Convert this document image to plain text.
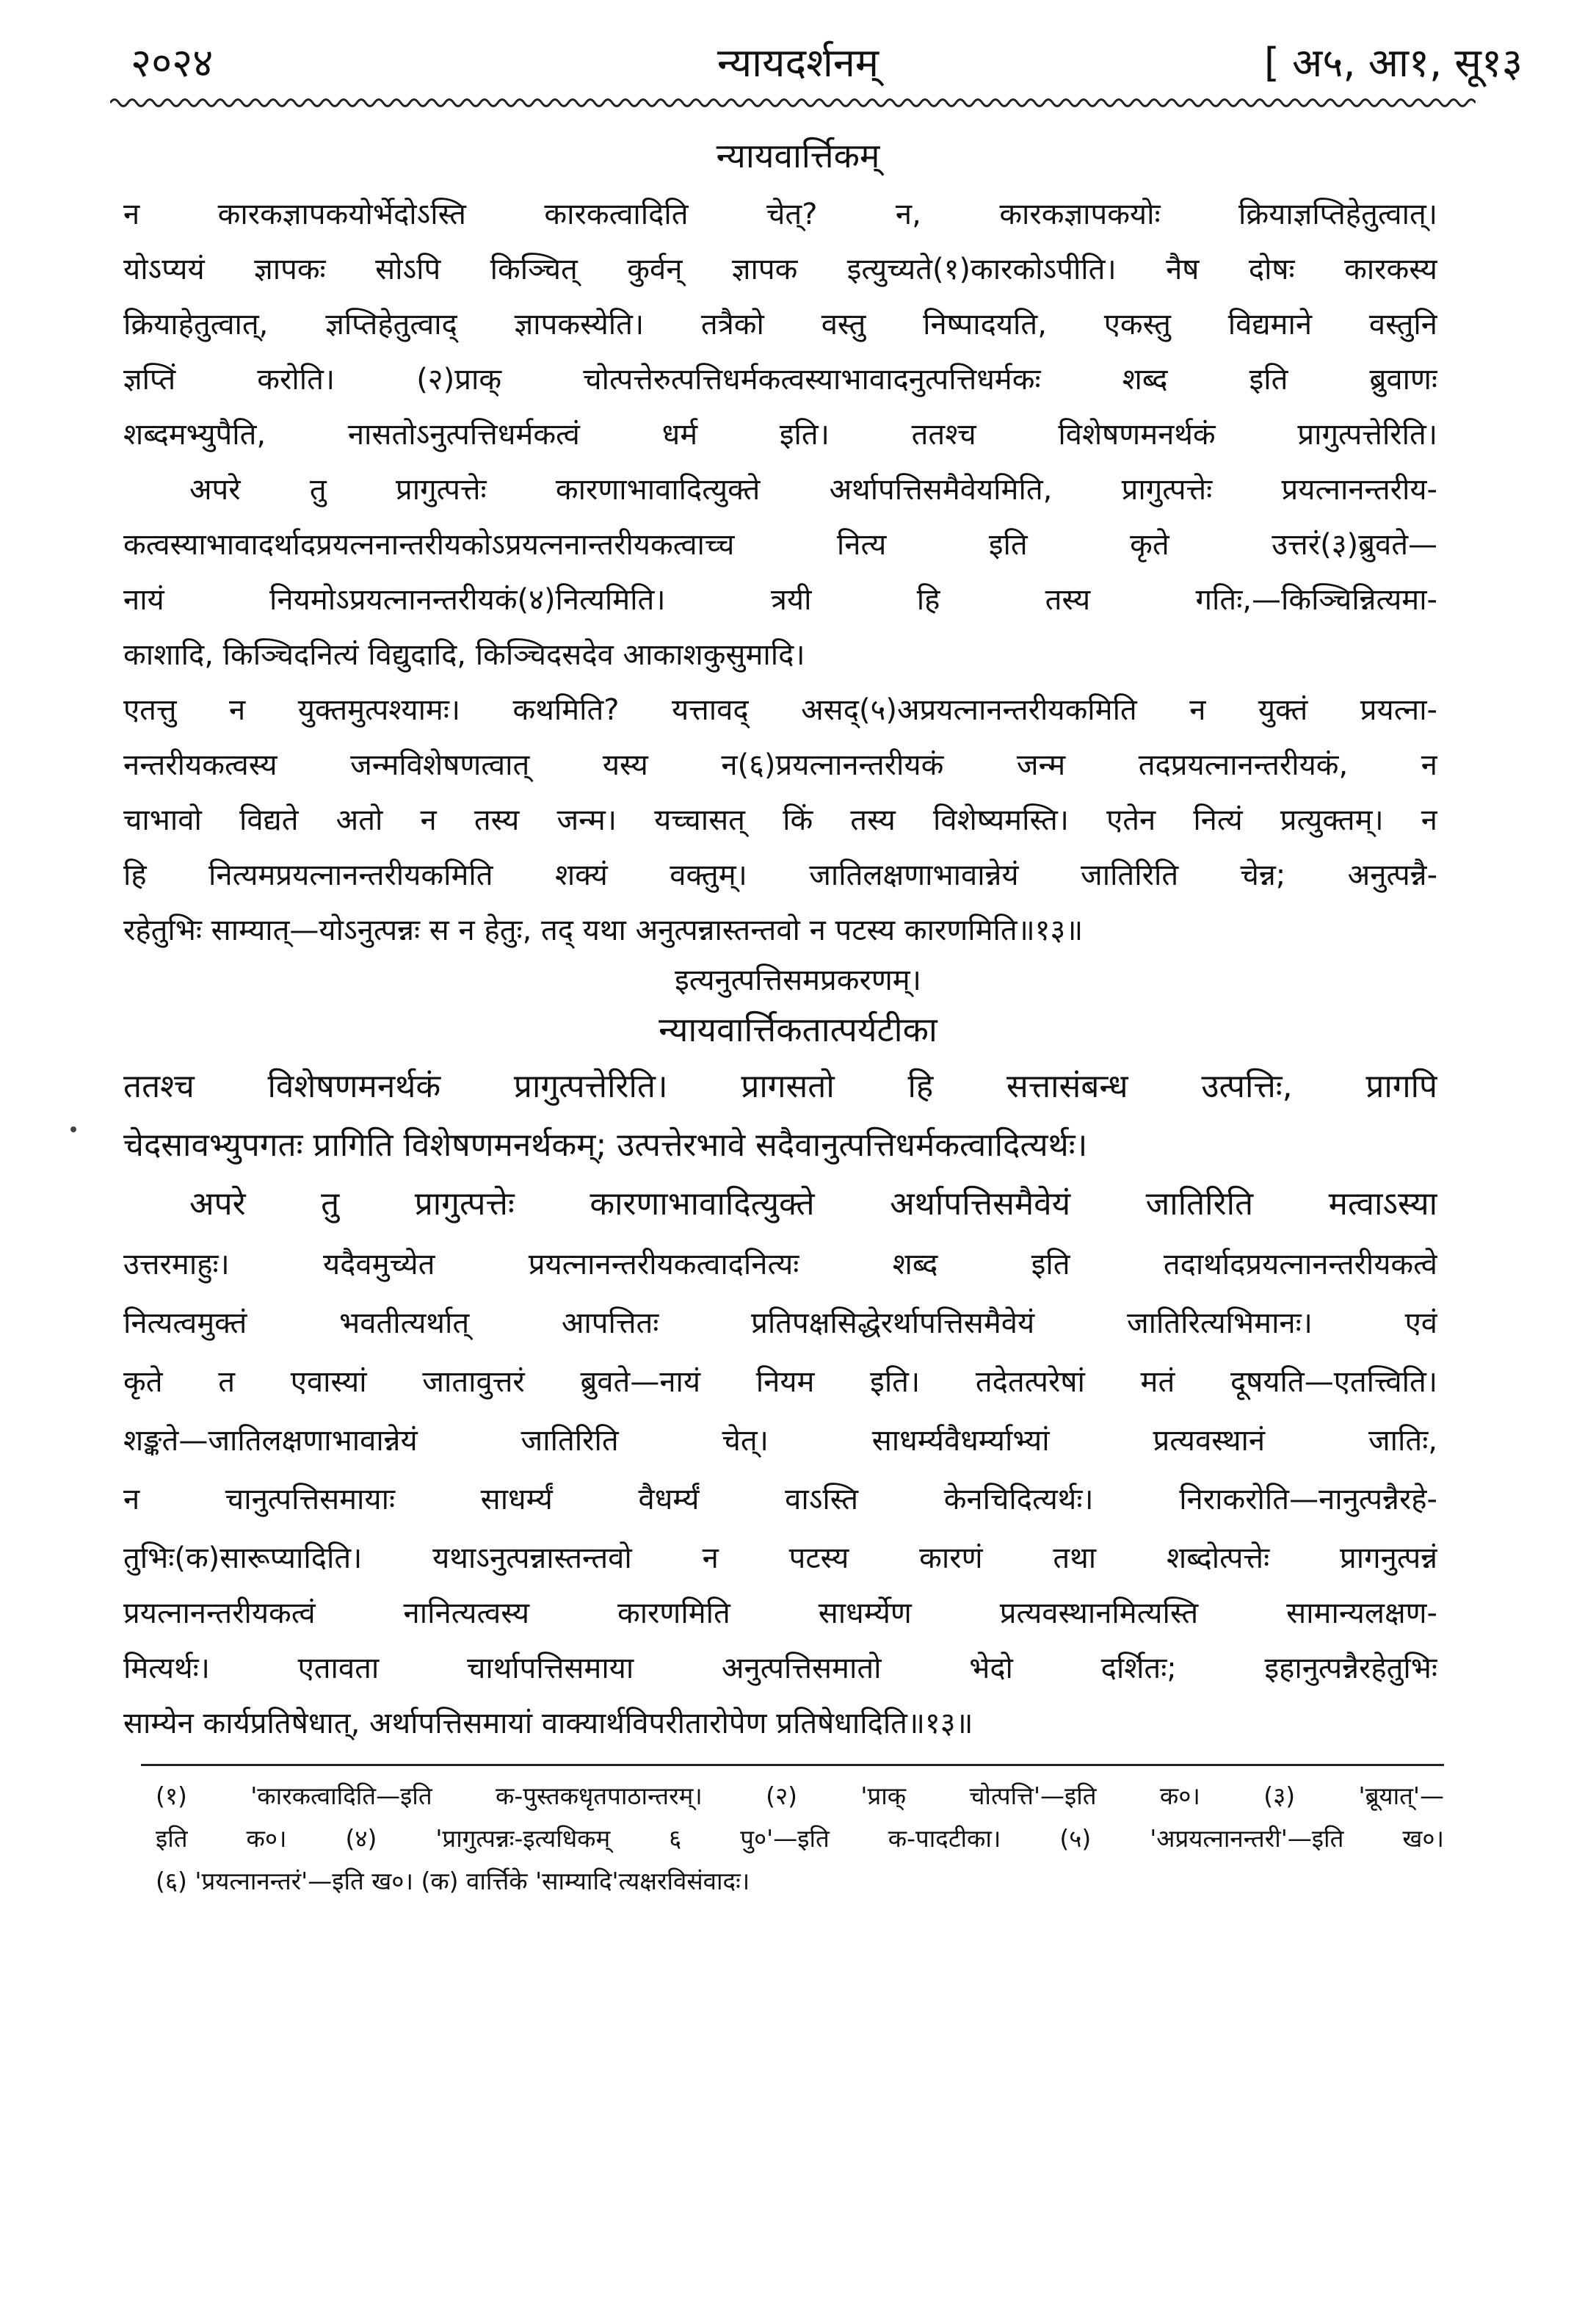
२०२४	न्यायदर्शनम्	[ अ५, आ१, सू१३
न्यायवार्त्तिकम्
न कारकज्ञापकयोर्भेदोऽस्ति कारकत्वादिति चेत्? न, कारकज्ञापकयोः क्रियाज्ञप्तिहेतुत्वात्।
योऽप्ययं ज्ञापकः सोऽपि किञ्चित् कुर्वन् ज्ञापक इत्युच्यते(१)कारकोऽपीति। नैष दोषः कारकस्य
क्रियाहेतुत्वात्, ज्ञप्तिहेतुत्वाद् ज्ञापकस्येति। तत्रैको वस्तु निष्पादयति, एकस्तु विद्यमाने वस्तुनि
ज्ञप्तिं करोति। (२)प्राक् चोत्पत्तेरुत्पत्तिधर्मकत्वस्याभावादनुत्पत्तिधर्मकः शब्द इति ब्रुवाणः
शब्दमभ्युपैति, नासतोऽनुत्पत्तिधर्मकत्वं धर्म इति। ततश्च विशेषणमनर्थकं प्रागुत्पत्तेरिति।
अपरे तु प्रागुत्पत्तेः कारणाभावादित्युक्ते अर्थापत्तिसमैवेयमिति, प्रागुत्पत्तेः प्रयत्नानन्तरीय-
कत्वस्याभावादर्थादप्रयत्ननान्तरीयकोऽप्रयत्ननान्तरीयकत्वाच्च नित्य इति कृते उत्तरं(३)ब्रुवते—
नायं नियमोऽप्रयत्नानन्तरीयकं(४)नित्यमिति। त्रयी हि तस्य गतिः,—किञ्चिन्नित्यमा-
काशादि, किञ्चिदनित्यं विद्युदादि, किञ्चिदसदेव आकाशकुसुमादि।
एतत्तु न युक्तमुत्पश्यामः। कथमिति? यत्तावद् असद्(५)अप्रयत्नानन्तरीयकमिति न युक्तं प्रयत्ना-
नन्तरीयकत्वस्य जन्मविशेषणत्वात् यस्य न(६)प्रयत्नानन्तरीयकं जन्म तदप्रयत्नानन्तरीयकं, न
चाभावो विद्यते अतो न तस्य जन्म। यच्चासत् किं तस्य विशेष्यमस्ति। एतेन नित्यं प्रत्युक्तम्। न
हि नित्यमप्रयत्नानन्तरीयकमिति शक्यं वक्तुम्। जातिलक्षणाभावान्नेयं जातिरिति चेन्न; अनुत्पन्नै-
रहेतुभिः साम्यात्—योऽनुत्पन्नः स न हेतुः, तद् यथा अनुत्पन्नास्तन्तवो न पटस्य कारणमिति॥१३॥
इत्यनुत्पत्तिसमप्रकरणम्।
न्यायवार्त्तिकतात्पर्यटीका
ततश्च विशेषणमनर्थकं प्रागुत्पत्तेरिति। प्रागसतो हि सत्तासंबन्ध उत्पत्तिः, प्रागपि
चेदसावभ्युपगतः प्रागिति विशेषणमनर्थकम्; उत्पत्तेरभावे सदैवानुत्पत्तिधर्मकत्वादित्यर्थः।
अपरे तु प्रागुत्पत्तेः कारणाभावादित्युक्ते अर्थापत्तिसमैवेयं जातिरिति मत्वाऽस्या
उत्तरमाहुः। यदैवमुच्येत प्रयत्नानन्तरीयकत्वादनित्यः शब्द इति तदार्थादप्रयत्नानन्तरीयकत्वे
नित्यत्वमुक्तं भवतीत्यर्थात् आपत्तितः प्रतिपक्षसिद्धेरर्थापत्तिसमैवेयं जातिरित्यभिमानः। एवं
कृते त एवास्यां जातावुत्तरं ब्रुवते—नायं नियम इति। तदेतत्परेषां मतं दूषयति—एतत्त्विति।
शङ्कते—जातिलक्षणाभावान्नेयं जातिरिति चेत्। साधर्म्यवैधर्म्याभ्यां प्रत्यवस्थानं जातिः,
न चानुत्पत्तिसमायाः साधर्म्यं वैधर्म्यं वाऽस्ति केनचिदित्यर्थः। निराकरोति—नानुत्पन्नैरहे-
तुभिः(क)सारूप्यादिति। यथाऽनुत्पन्नास्तन्तवो न पटस्य कारणं तथा शब्दोत्पत्तेः प्रागनुत्पन्नं
प्रयत्नानन्तरीयकत्वं नानित्यत्वस्य कारणमिति साधर्म्येण प्रत्यवस्थानमित्यस्ति सामान्यलक्षण-
मित्यर्थः। एतावता चार्थापत्तिसमाया अनुत्पत्तिसमातो भेदो दर्शितः; इहानुत्पन्नैरहेतुभिः
साम्येन कार्यप्रतिषेधात्, अर्थापत्तिसमायां वाक्यार्थविपरीतारोपेण प्रतिषेधादिति॥१३॥
(१) 'कारकत्वादिति—इति क-पुस्तकधृतपाठान्तरम्। (२) 'प्राक् चोत्पत्ति'—इति क०। (३) 'ब्रूयात्'—
इति क०। (४) 'प्रागुत्पन्नः-इत्यधिकम् ६ पु०'—इति क-पादटीका। (५) 'अप्रयत्नानन्तरी'—इति ख०।
(६) 'प्रयत्नानन्तरं'—इति ख०। (क) वार्त्तिके 'साम्यादि'त्यक्षरविसंवादः।
